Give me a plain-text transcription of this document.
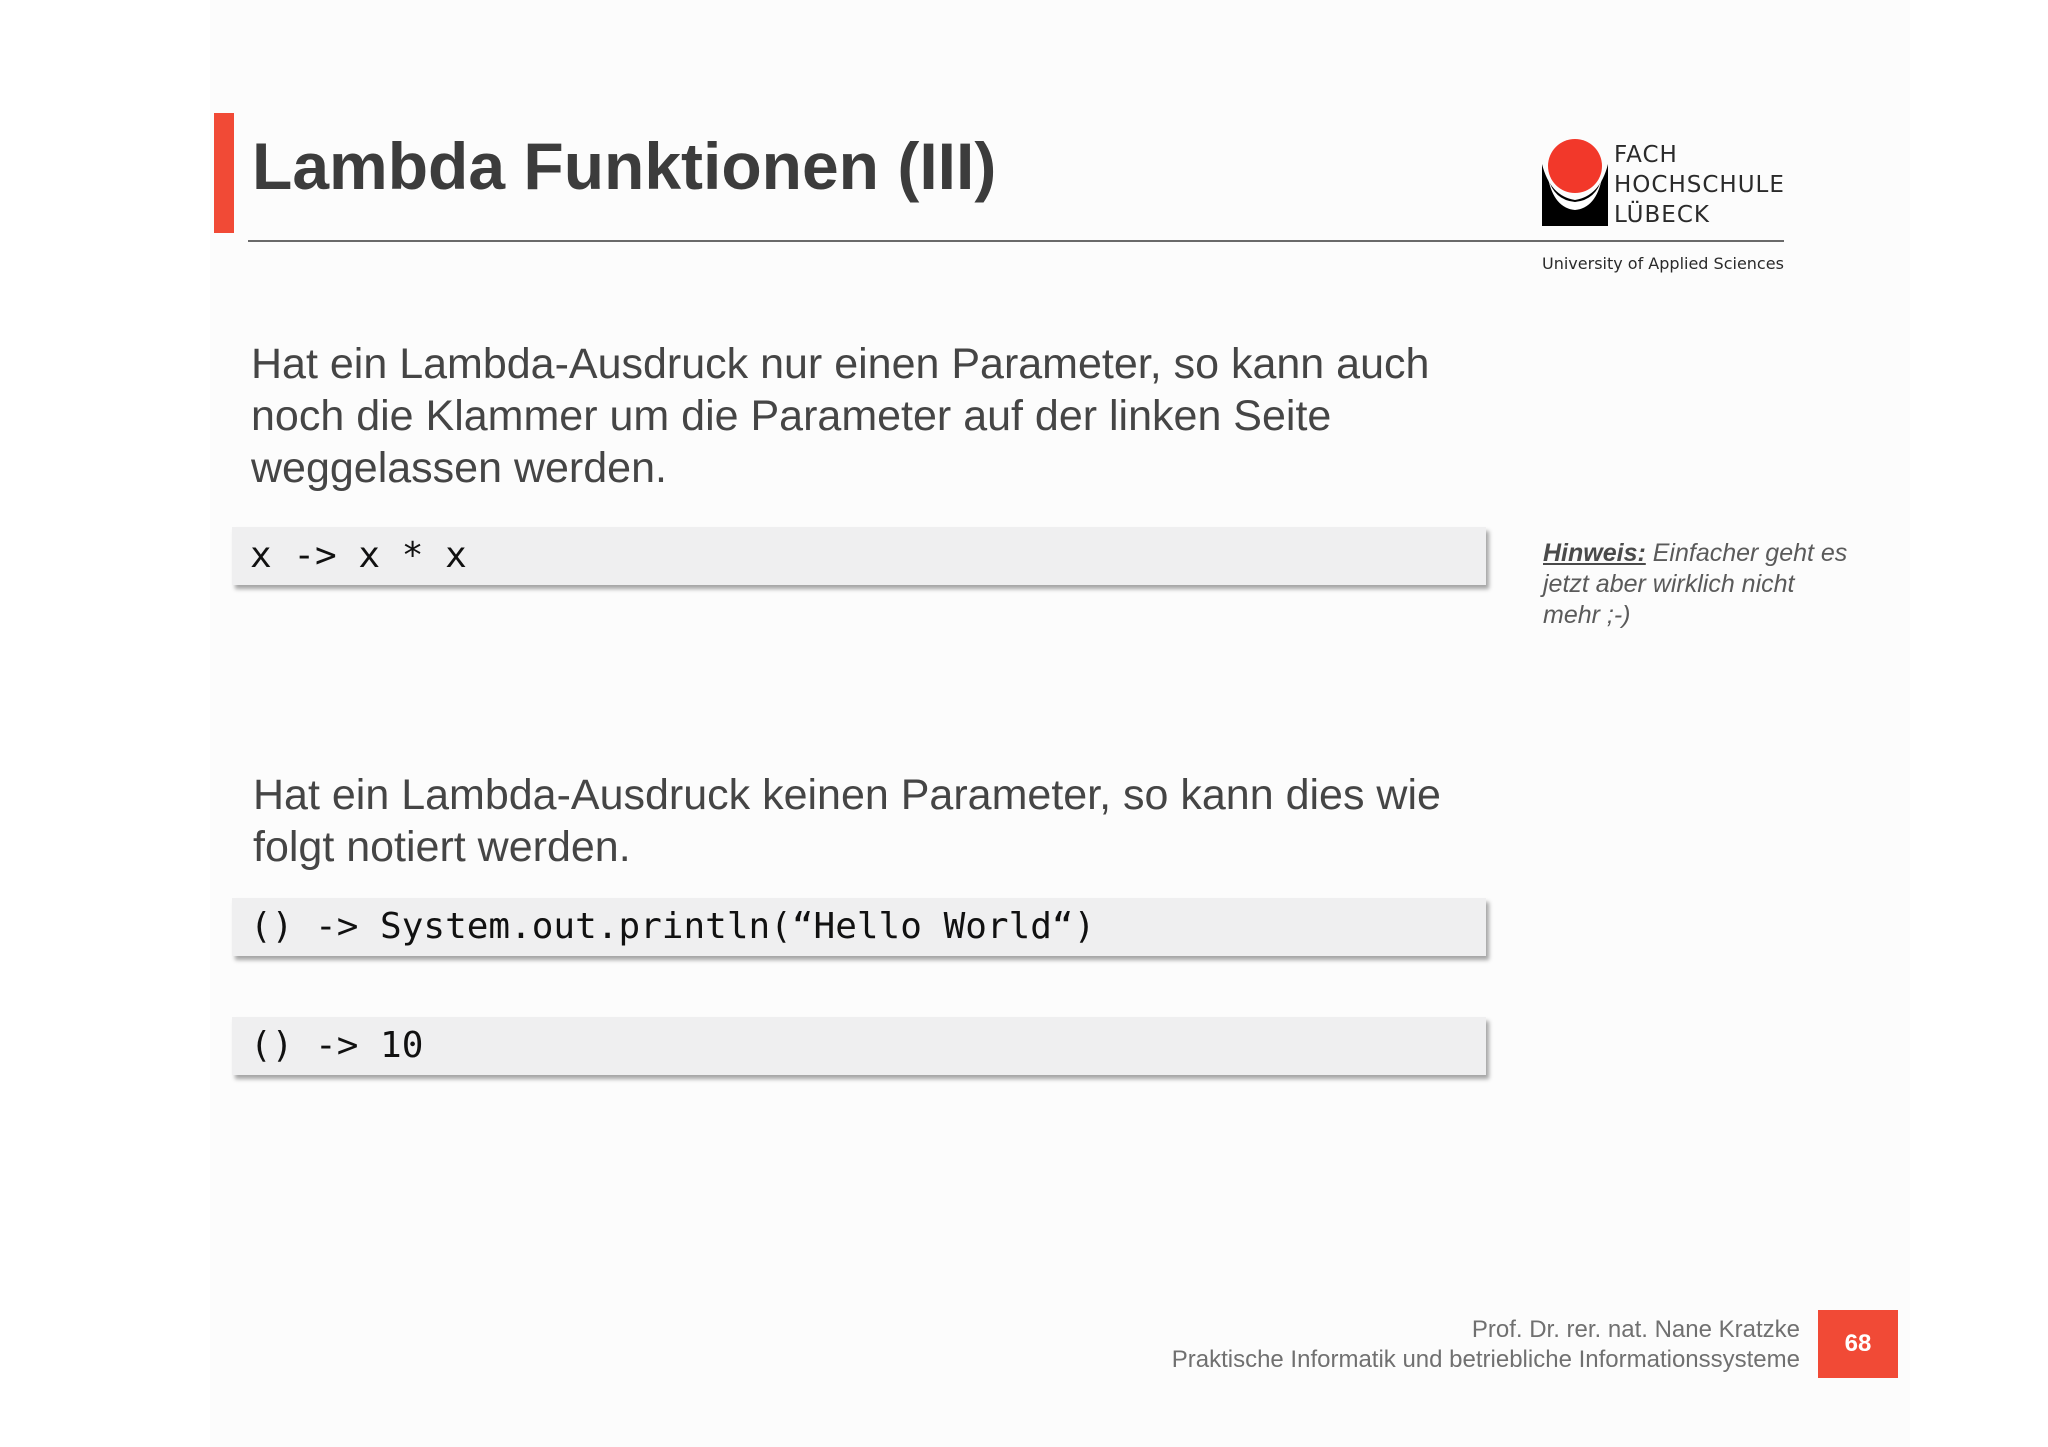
Lambda Funktionen (III)	FACH
HOCHSCHULE
LÜBECK
University of Applied Sciences
Hat ein Lambda-Ausdruck nur einen Parameter, so kann auch noch die Klammer um die Parameter auf der linken Seite weggelassen werden.
x -> x * x	Hinweis: Einfacher geht es jetzt aber wirklich nicht mehr ;-)
Hat ein Lambda-Ausdruck keinen Parameter, so kann dies wie folgt notiert werden.
() -> System.out.println(“Hello World“)
() -> 10
Prof. Dr. rer. nat. Nane Kratzke
Praktische Informatik und betriebliche Informationssysteme
68
